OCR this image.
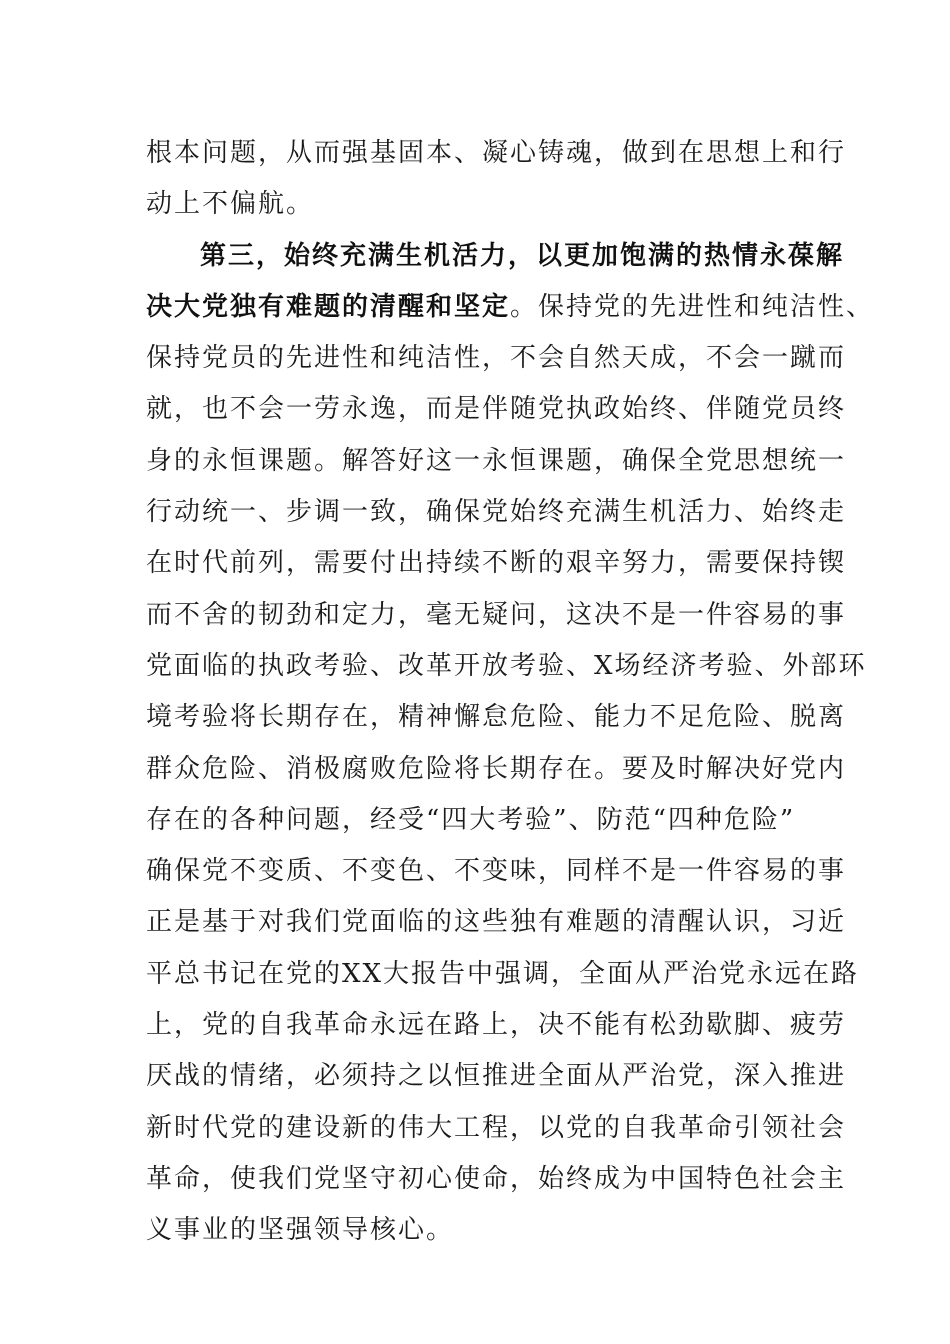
根本问题，从而强基固本、凝心铸魂，做到在思想上和行
动上不偏航。
第三，始终充满生机活力，以更加饱满的热情永葆解
决大党独有难题的清醒和坚定。保持党的先进性和纯洁性、
保持党员的先进性和纯洁性，不会自然天成，不会一蹴而
就，也不会一劳永逸，而是伴随党执政始终、伴随党员终
身的永恒课题。解答好这一永恒课题，确保全党思想统一
行动统一、步调一致，确保党始终充满生机活力、始终走
在时代前列，需要付出持续不断的艰辛努力，需要保持锲
而不舍的韧劲和定力，毫无疑问，这决不是一件容易的事
党面临的执政考验、改革开放考验、X场经济考验、外部环
境考验将长期存在，精神懈怠危险、能力不足危险、脱离
群众危险、消极腐败危险将长期存在。要及时解决好党内
存在的各种问题，经受“四大考验”、防范“四种危险”
确保党不变质、不变色、不变味，同样不是一件容易的事
正是基于对我们党面临的这些独有难题的清醒认识，习近
平总书记在党的XX大报告中强调，全面从严治党永远在路
上，党的自我革命永远在路上，决不能有松劲歇脚、疲劳
厌战的情绪，必须持之以恒推进全面从严治党，深入推进
新时代党的建设新的伟大工程，以党的自我革命引领社会
革命，使我们党坚守初心使命，始终成为中国特色社会主
义事业的坚强领导核心。
